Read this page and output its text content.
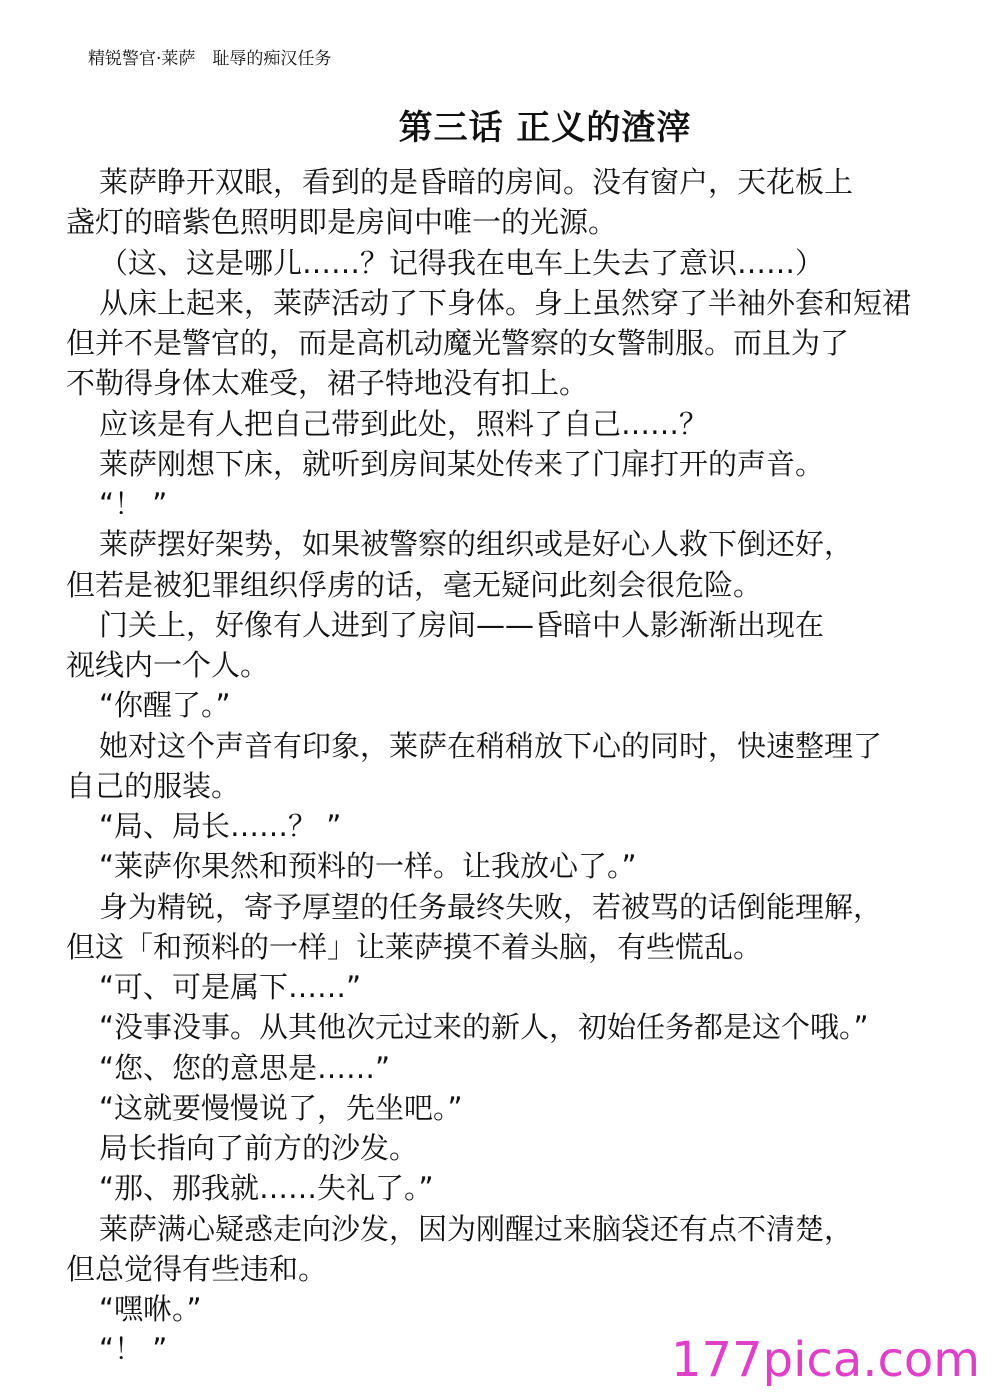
精锐警官·莱萨　耻辱的痴汉任务
第三话 正义的渣滓
莱萨睁开双眼，看到的是昏暗的房间。没有窗户，天花板上
盏灯的暗紫色照明即是房间中唯一的光源。
（这、这是哪儿……？记得我在电车上失去了意识……）
从床上起来，莱萨活动了下身体。身上虽然穿了半袖外套和短裙
但并不是警官的，而是高机动魔光警察的女警制服。而且为了
不勒得身体太难受，裙子特地没有扣上。
应该是有人把自己带到此处，照料了自己……？
莱萨刚想下床，就听到房间某处传来了门扉打开的声音。
“！ ”
莱萨摆好架势，如果被警察的组织或是好心人救下倒还好，
但若是被犯罪组织俘虏的话，毫无疑问此刻会很危险。
门关上，好像有人进到了房间——昏暗中人影渐渐出现在
视线内一个人。
“你醒了。”
她对这个声音有印象，莱萨在稍稍放下心的同时，快速整理了
自己的服装。
“局、局长……？ ”
“莱萨你果然和预料的一样。让我放心了。”
身为精锐，寄予厚望的任务最终失败，若被骂的话倒能理解，
但这「和预料的一样」让莱萨摸不着头脑，有些慌乱。
“可、可是属下……”
“没事没事。从其他次元过来的新人，初始任务都是这个哦。”
“您、您的意思是……”
“这就要慢慢说了，先坐吧。”
局长指向了前方的沙发。
“那、那我就……失礼了。”
莱萨满心疑惑走向沙发，因为刚醒过来脑袋还有点不清楚，
但总觉得有些违和。
“嘿咻。”
“！ ”	177pica.com
